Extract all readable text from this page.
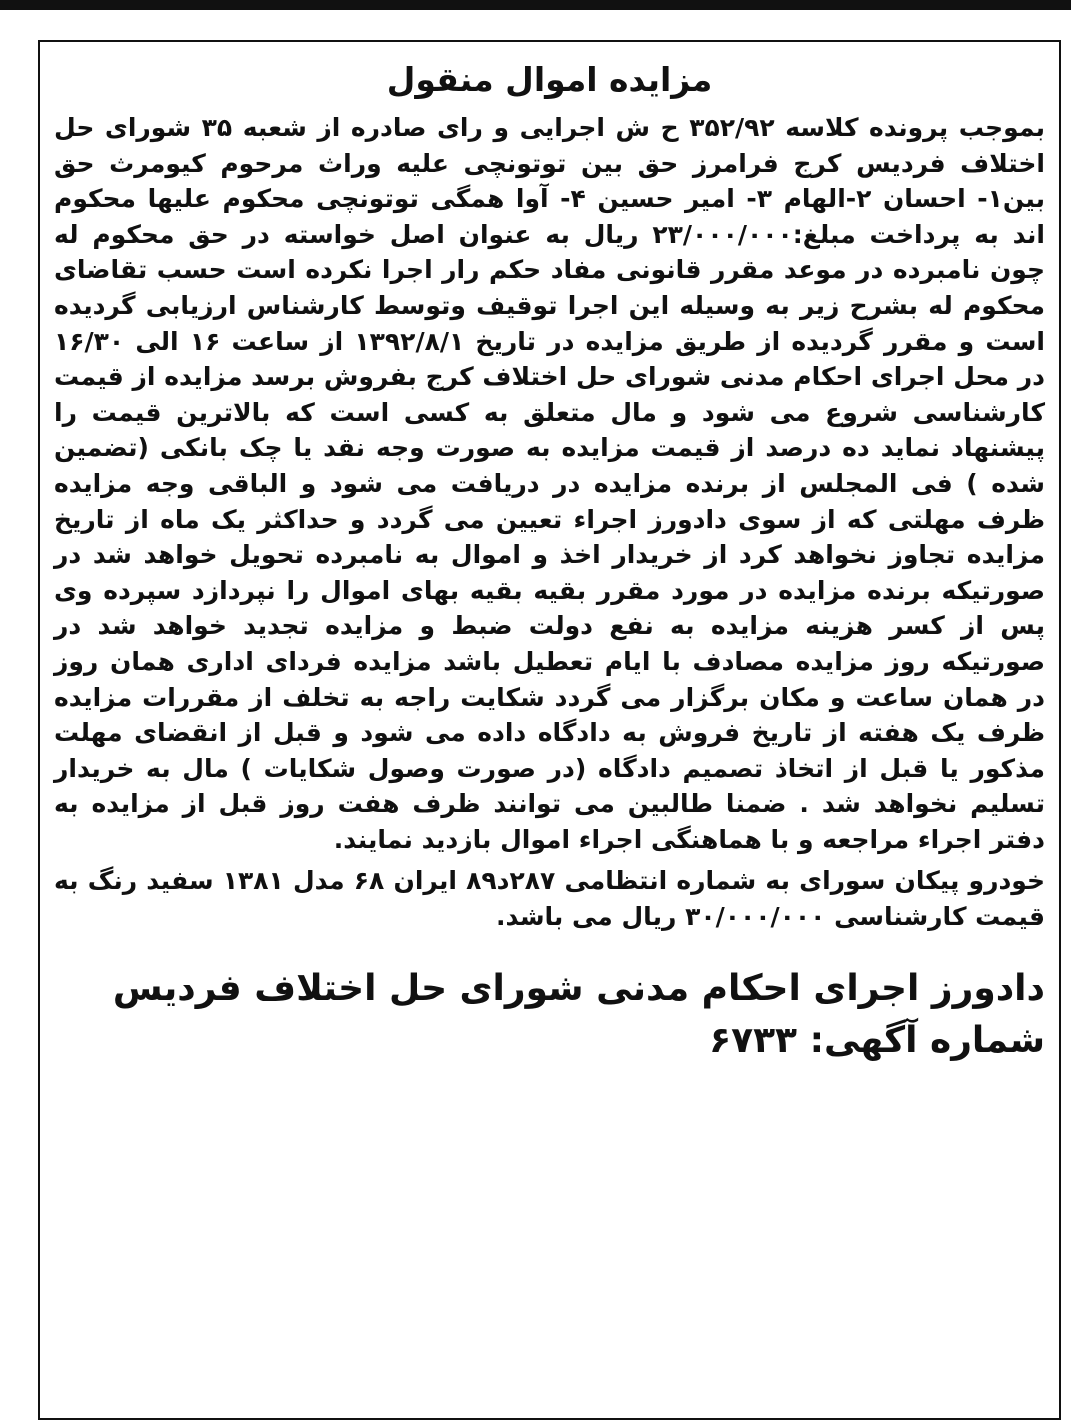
مزایده اموال منقول

بموجب پرونده کلاسه ۳۵۲/۹۲ ح ش اجرایی و رای صادره از شعبه ۳۵ شورای حل اختلاف فردیس کرج فرامرز حق بین توتونچی علیه وراث مرحوم کیومرث حق بین۱- احسان ۲-الهام ۳- امیر حسین ۴- آوا همگی توتونچی محکوم علیها محکوم اند به پرداخت مبلغ:۲۳/۰۰۰/۰۰۰ ریال به عنوان اصل خواسته در حق محکوم له چون نامبرده در موعد مقرر قانونی مفاد حکم رار اجرا نکرده است حسب تقاضای محکوم له بشرح زیر به وسیله این اجرا توقیف وتوسط کارشناس ارزیابی گردیده است و مقرر گردیده از طریق مزایده در تاریخ ۱۳۹۲/۸/۱ از ساعت ۱۶ الی ۱۶/۳۰ در محل اجرای احکام مدنی شورای حل اختلاف کرج بفروش برسد مزایده از قیمت کارشناسی شروع می شود و مال متعلق به کسی است که بالاترین قیمت را پیشنهاد نماید ده درصد از قیمت مزایده به صورت وجه نقد یا چک بانکی (تضمین شده ) فی المجلس از برنده مزایده در دریافت می شود و الباقی وجه مزایده ظرف مهلتی که از سوی دادورز اجراء تعیین می گردد و حداکثر یک ماه از تاریخ مزایده تجاوز نخواهد کرد از خریدار اخذ و اموال به نامبرده تحویل خواهد شد در صورتیکه برنده مزایده در مورد مقرر بقیه بقیه بهای اموال را نپردازد سپرده وی پس از کسر هزینه مزایده به نفع دولت ضبط و مزایده تجدید خواهد شد در صورتیکه روز مزایده مصادف با ایام تعطیل باشد مزایده فردای اداری همان روز در همان ساعت و مکان برگزار می گردد شکایت راجه به تخلف از مقررات مزایده ظرف یک هفته از تاریخ فروش به دادگاه داده می شود و قبل از انقضای مهلت مذکور یا قبل از اتخاذ تصمیم دادگاه (در صورت وصول شکایات ) مال به خریدار تسلیم نخواهد شد . ضمنا طالبین می توانند ظرف هفت روز قبل از مزایده به دفتر اجراء مراجعه و با هماهنگی اجراء اموال بازدید نمایند.

خودرو پیکان سورای به شماره انتظامی ۲۸۷د۸۹ ایران ۶۸ مدل ۱۳۸۱ سفید رنگ به قیمت کارشناسی ۳۰/۰۰۰/۰۰۰ ریال می باشد.

دادورز اجرای احکام مدنی شورای حل اختلاف فردیس

شماره آگهی: ۶۷۳۳
